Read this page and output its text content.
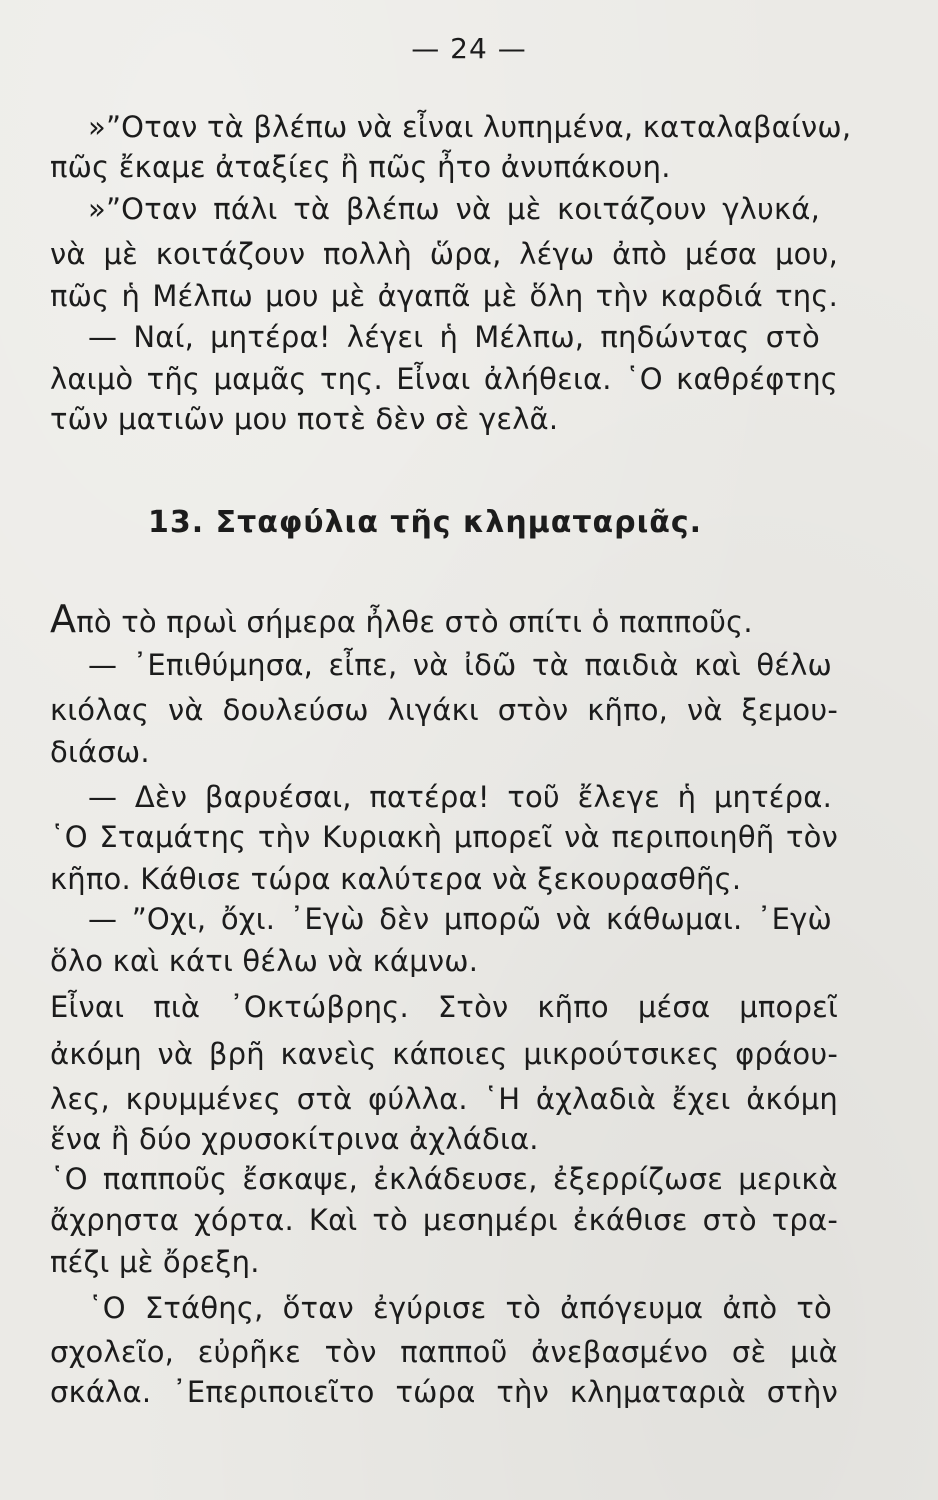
— 24 —
»”Οταν τὰ βλέπω νὰ εἶναι λυπημένα, καταλαβαίνω,
πῶς ἔκαμε ἀταξίες ἢ πῶς ἦτο ἀνυπάκουη.
»”Οταν πάλι τὰ βλέπω νὰ μὲ κοιτάζουν γλυκά,
νὰ μὲ κοιτάζουν πολλὴ ὥρα, λέγω ἀπὸ μέσα μου,
πῶς ἡ Μέλπω μου μὲ ἀγαπᾶ μὲ ὅλη τὴν καρδιά της.
— Ναί, μητέρα! λέγει ἡ Μέλπω, πηδώντας στὸ
λαιμὸ τῆς μαμᾶς της. Εἶναι ἀλήθεια. ῾Ο καθρέφτης
τῶν ματιῶν μου ποτὲ δὲν σὲ γελᾶ.
13. Σταφύλια τῆς κληματαριᾶς.
Απὸ τὸ πρωὶ σήμερα ἦλθε στὸ σπίτι ὁ παπποῦς.
— ᾿Επιθύμησα, εἶπε, νὰ ἰδῶ τὰ παιδιὰ καὶ θέλω
κιόλας νὰ δουλεύσω λιγάκι στὸν κῆπο, νὰ ξεμου-
διάσω.
— Δὲν βαρυέσαι, πατέρα! τοῦ ἔλεγε ἡ μητέρα.
῾Ο Σταμάτης τὴν Κυριακὴ μπορεῖ νὰ περιποιηθῆ τὸν
κῆπο. Κάθισε τώρα καλύτερα νὰ ξεκουρασθῆς.
— ”Οχι, ὄχι. ᾿Εγὼ δὲν μπορῶ νὰ κάθωμαι. ᾿Εγὼ
ὅλο καὶ κάτι θέλω νὰ κάμνω.
Εἶναι πιὰ ᾿Οκτώβρης. Στὸν κῆπο μέσα μπορεῖ
ἀκόμη νὰ βρῆ κανεὶς κάποιες μικρούτσικες φράου-
λες, κρυμμένες στὰ φύλλα. ῾Η ἀχλαδιὰ ἔχει ἀκόμη
ἕνα ἢ δύο χρυσοκίτρινα ἀχλάδια.
῾Ο παπποῦς ἔσκαψε, ἐκλάδευσε, ἐξερρίζωσε μερικὰ
ἄχρηστα χόρτα. Καὶ τὸ μεσημέρι ἐκάθισε στὸ τρα-
πέζι μὲ ὄρεξη.
῾Ο Στάθης, ὅταν ἐγύρισε τὸ ἀπόγευμα ἀπὸ τὸ
σχολεῖο, εὐρῆκε τὸν παπποῦ ἀνεβασμένο σὲ μιὰ
σκάλα. ᾿Επεριποιεῖτο τώρα τὴν κληματαριὰ στὴν
